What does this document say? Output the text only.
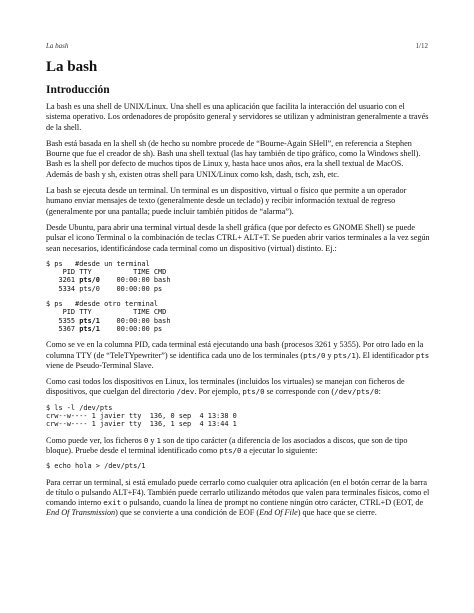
La bash	1/12
La bash
Introducción

La bash es una shell de UNIX/Linux. Una shell es una aplicación que facilita la interacción del usuario con el sistema operativo. Los ordenadores de propósito general y servidores se utilizan y administran generalmente a través de la shell.

Bash está basada en la shell sh (de hecho su nombre procede de “Bourne-Again SHell”, en referencia a Stephen Bourne que fue el creador de sh). Bash una shell textual (las hay también de tipo gráfico, como la Windows shell). Bash es la shell por defecto de muchos tipos de Linux y, hasta hace unos años, era la shell textual de MacOS. Además de bash y sh, existen otras shell para UNIX/Linux como ksh, dash, tsch, zsh, etc.

La bash se ejecuta desde un terminal. Un terminal es un dispositivo, virtual o físico que permite a un operador humano enviar mensajes de texto (generalmente desde un teclado) y recibir información textual de regreso (generalmente por una pantalla; puede incluir también pitidos de “alarma”).

Desde Ubuntu, para abrir una terminal virtual desde la shell gráfica (que por defecto es GNOME Shell) se puede pulsar el icono Terminal o la combinación de teclas CTRL+ ALT+T. Se pueden abrir varios terminales a la vez según sean necesarios, identificándose cada terminal como un dispositivo (virtual) distinto. Ej.:

$ ps   #desde un terminal
PID TTY          TIME CMD
3261 pts/0    00:00:00 bash
5334 pts/0    00:00:00 ps
$ ps   #desde otro terminal
PID TTY          TIME CMD
5355 pts/1    00:00:00 bash
5367 pts/1    00:00:00 ps

Como se ve en la columna PID, cada terminal está ejecutando una bash (procesos 3261 y 5355). Por otro lado en la columna TTY (de “TeleTYpewriter”) se identifica cada uno de los terminales (pts/0 y pts/1). El identificador pts viene de Pseudo-Terminal Slave.

Como casi todos los dispositivos en Linux, los terminales (incluidos los virtuales) se manejan con ficheros de dispositivos, que cuelgan del directorio /dev. Por ejemplo, pts/0 se corresponde con (/dev/pts/0:

$ ls -l /dev/pts
crw--w---- 1 javier tty  136, 0 sep  4 13:38 0
crw--w---- 1 javier tty  136, 1 sep  4 13:44 1

Como puede ver, los ficheros 0 y 1 son de tipo carácter (a diferencia de los asociados a discos, que son de tipo bloque). Pruebe desde el terminal identificado como pts/0 a ejecutar lo siguiente:

$ echo hola > /dev/pts/1

Para cerrar un terminal, si está emulado puede cerrarlo como cualquier otra aplicación (en el botón cerrar de la barra de título o pulsando ALT+F4). También puede cerrarlo utilizando métodos que valen para terminales físicos, como el comando interno exit o pulsando, cuando la línea de prompt no contiene ningún otro carácter, CTRL+D (EOT, de End Of Transmission) que se convierte a una condición de EOF (End Of File) que hace que se cierre.
